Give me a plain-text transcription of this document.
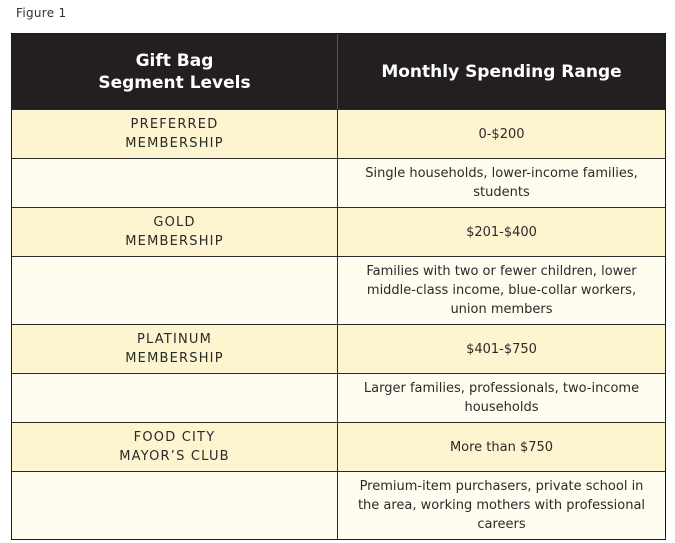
Figure 1
Gift Bag
Segment Levels
Monthly Spending Range
PREFERRED
MEMBERSHIP
0-$200
Single households, lower-income families,
students
GOLD
MEMBERSHIP
$201-$400
Families with two or fewer children, lower
middle-class income, blue-collar workers,
union members
PLATINUM
MEMBERSHIP
$401-$750
Larger families, professionals, two-income
households
FOOD CITY
MAYOR’S CLUB
More than $750
Premium-item purchasers, private school in
the area, working mothers with professional
careers
